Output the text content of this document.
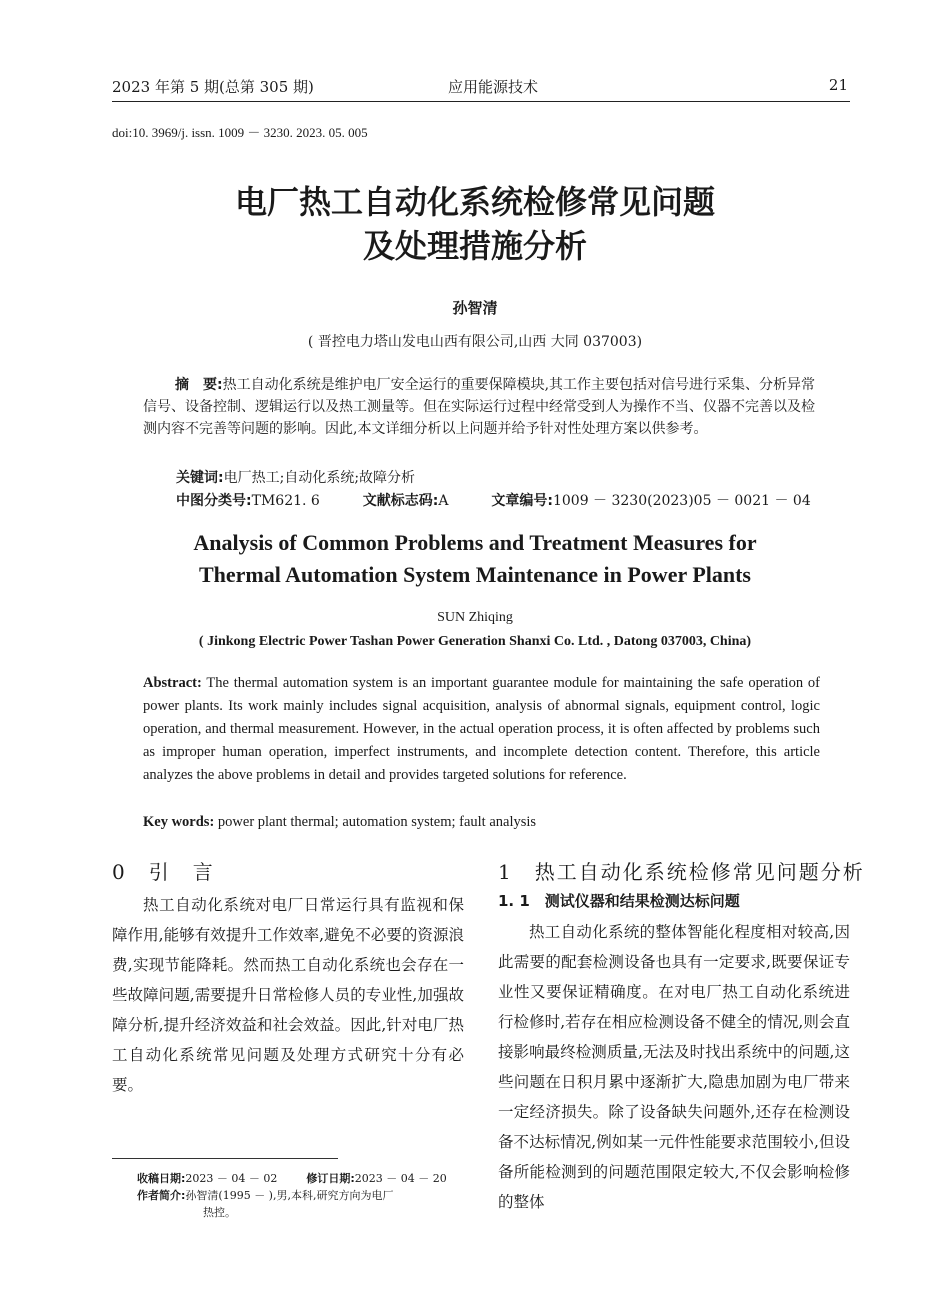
2023 年第 5 期(总第 305 期)	应用能源技术	21
doi:10. 3969/j. issn. 1009 － 3230. 2023. 05. 005
电厂热工自动化系统检修常见问题
及处理措施分析
孙智清
( 晋控电力塔山发电山西有限公司,山西 大同 037003)
摘　要:热工自动化系统是维护电厂安全运行的重要保障模块,其工作主要包括对信号进行采集、分析异常信号、设备控制、逻辑运行以及热工测量等。但在实际运行过程中经常受到人为操作不当、仪器不完善以及检测内容不完善等问题的影响。因此,本文详细分析以上问题并给予针对性处理方案以供参考。
关键词:电厂热工;自动化系统;故障分析
中图分类号:TM621. 6	文献标志码:A	文章编号:1009 － 3230(2023)05 － 0021 － 04
Analysis of Common Problems and Treatment Measures for
Thermal Automation System Maintenance in Power Plants
SUN Zhiqing
( Jinkong Electric Power Tashan Power Generation Shanxi Co. Ltd. , Datong 037003, China)
Abstract: The thermal automation system is an important guarantee module for maintaining the safe operation of power plants. Its work mainly includes signal acquisition, analysis of abnormal signals, equipment control, logic operation, and thermal measurement. However, in the actual operation process, it is often affected by problems such as improper human operation, imperfect instruments, and incomplete detection content. Therefore, this article analyzes the above problems in detail and provides targeted solutions for reference.
Key words: power plant thermal; automation system; fault analysis
0　引　言

热工自动化系统对电厂日常运行具有监视和保障作用,能够有效提升工作效率,避免不必要的资源浪费,实现节能降耗。然而热工自动化系统也会存在一些故障问题,需要提升日常检修人员的专业性,加强故障分析,提升经济效益和社会效益。因此,针对电厂热工自动化系统常见问题及处理方式研究十分有必要。

1　热工自动化系统检修常见问题分析
1. 1　测试仪器和结果检测达标问题

热工自动化系统的整体智能化程度相对较高,因此需要的配套检测设备也具有一定要求,既要保证专业性又要保证精确度。在对电厂热工自动化系统进行检修时,若存在相应检测设备不健全的情况,则会直接影响最终检测质量,无法及时找出系统中的问题,这些问题在日积月累中逐渐扩大,隐患加剧为电厂带来一定经济损失。除了设备缺失问题外,还存在检测设备不达标情况,例如某一元件性能要求范围较小,但设备所能检测到的问题范围限定较大,不仅会影响检修的整体

收稿日期:2023 － 04 － 02	修订日期:2023 － 04 － 20
作者简介:孙智清(1995 － ),男,本科,研究方向为电厂
热控。
